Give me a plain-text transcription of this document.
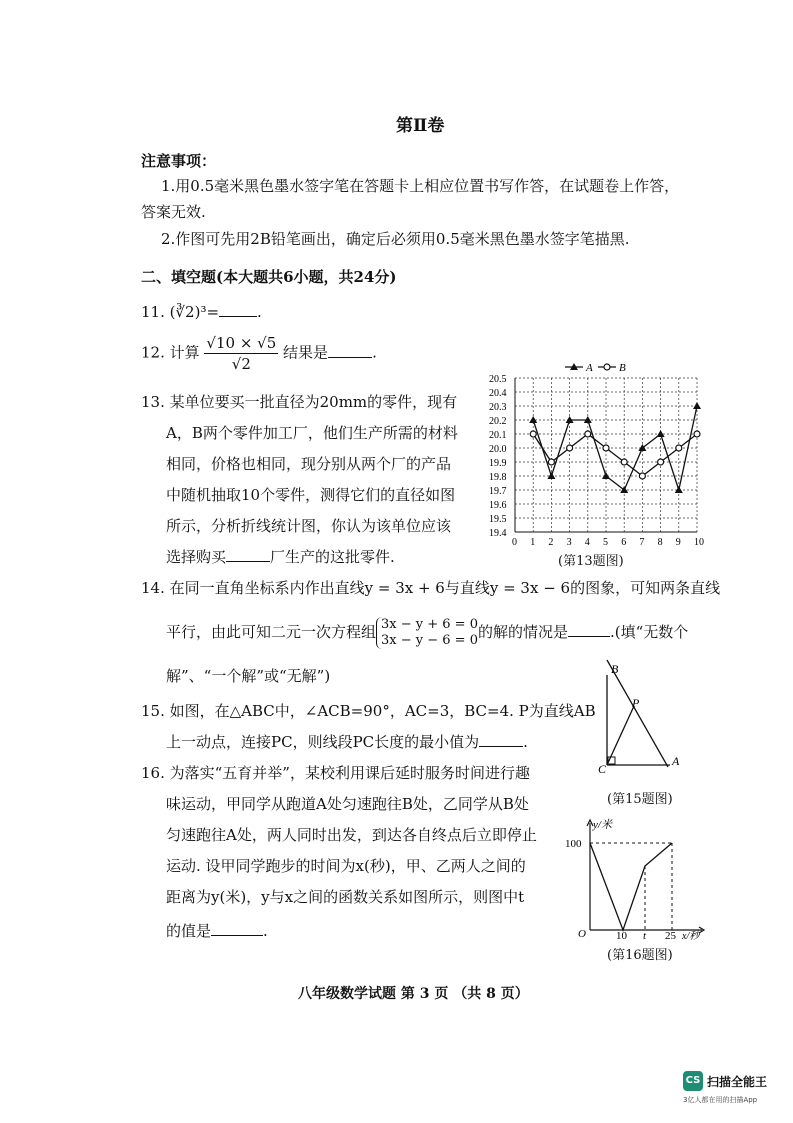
第Ⅱ卷
注意事项：
1.用0.5毫米黑色墨水签字笔在答题卡上相应位置书写作答，在试题卷上作答，
答案无效.
2.作图可先用2B铅笔画出，确定后必须用0.5毫米黑色墨水签字笔描黑.
二、填空题(本大题共6小题，共24分)
11. (∛2)³=	.
12. 计算 $\frac{√10 \times √5}{√2}$ 结果是	.
13. 某单位要买一批直径为20mm的零件，现有
A，B两个零件加工厂，他们生产所需的材料
相同，价格也相同，现分别从两个厂的产品
中随机抽取10个零件，测得它们的直径如图
所示，分析折线统计图，你认为该单位应该
选择购买	厂生产的这批零件.
19.4
19.5
19.6
19.7
19.8
19.9
20.0
20.1
20.2
20.3
20.4
20.5
0 1 2 3 4 5 6 7 8 9 10
A B
(第13题图)
14. 在同一直角坐标系内作出直线y = 3x + 6与直线y = 3x − 6的图象，可知两条直线
平行，由此可知二元一次方程组 3x − y + 6 = 0
3x − y − 6 = 0 的解的情况是	.(填“无数个
解”、“一个解”或“无解”)
15. 如图，在△ABC中，∠ACB=90°，AC=3，BC=4. P为直线AB
上一动点，连接PC，则线段PC长度的最小值为	.
B
P
C
A
(第15题图)
16. 为落实“五育并举”，某校利用课后延时服务时间进行趣
味运动，甲同学从跑道A处匀速跑往B处，乙同学从B处
匀速跑往A处，两人同时出发，到达各自终点后立即停止
运动. 设甲同学跑步的时间为x(秒)，甲、乙两人之间的
距离为y(米)，y与x之间的函数关系如图所示，则图中t
的值是	.
y/米
100
O	10 t 25 x/秒
(第16题图)
八年级数学试题 第 3 页 （共 8 页）
CS 扫描全能王
3亿人都在用的扫描App
